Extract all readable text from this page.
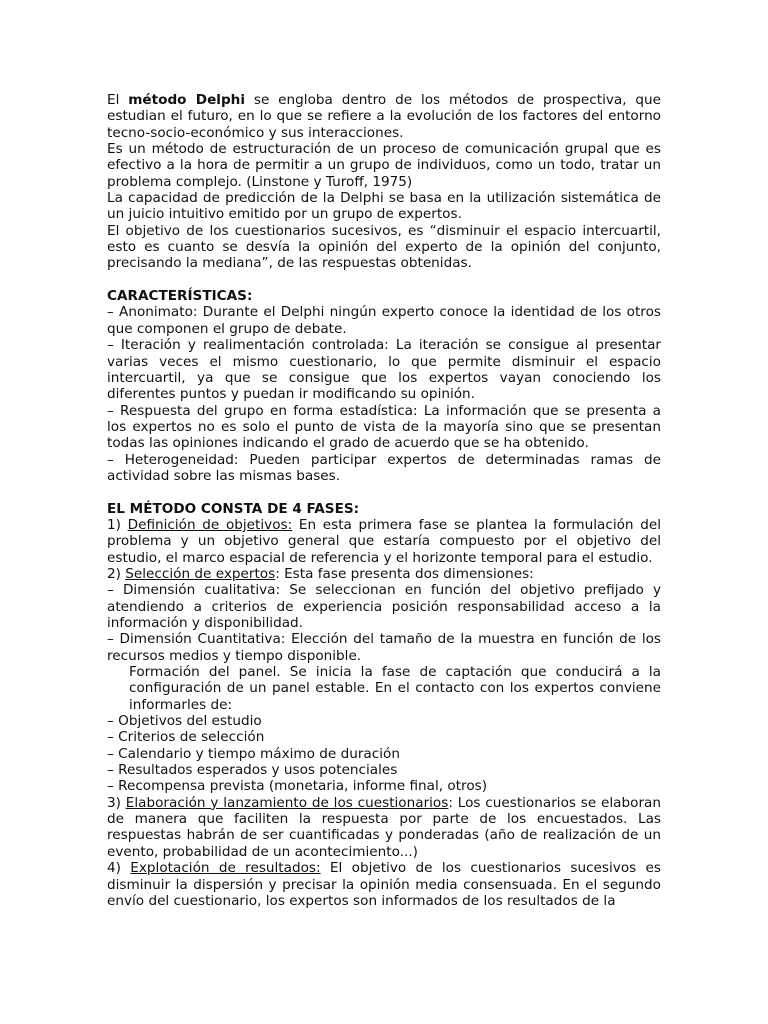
El método Delphi se engloba dentro de los métodos de prospectiva, que estudian el futuro, en lo que se refiere a la evolución de los factores del entorno tecno-socio-económico y sus interacciones.

Es un método de estructuración de un proceso de comunicación grupal que es efectivo a la hora de permitir a un grupo de individuos, como un todo, tratar un problema complejo. (Linstone y Turoff, 1975)

La capacidad de predicción de la Delphi se basa en la utilización sistemática de un juicio intuitivo emitido por un grupo de expertos.

El objetivo de los cuestionarios sucesivos, es “disminuir el espacio intercuartil, esto es cuanto se desvía la opinión del experto de la opinión del conjunto, precisando la mediana”, de las respuestas obtenidas.

CARACTERÍSTICAS:

– Anonimato: Durante el Delphi ningún experto conoce la identidad de los otros que componen el grupo de debate.

– Iteración y realimentación controlada: La iteración se consigue al presentar varias veces el mismo cuestionario, lo que permite disminuir el espacio intercuartil, ya que se consigue que los expertos vayan conociendo los diferentes puntos y puedan ir modificando su opinión.

– Respuesta del grupo en forma estadística: La información que se presenta a los expertos no es solo el punto de vista de la mayoría sino que se presentan todas las opiniones indicando el grado de acuerdo que se ha obtenido.

– Heterogeneidad: Pueden participar expertos de determinadas ramas de actividad sobre las mismas bases.

EL MÉTODO CONSTA DE 4 FASES:

1) Definición de objetivos: En esta primera fase se plantea la formulación del problema y un objetivo general que estaría compuesto por el objetivo del estudio, el marco espacial de referencia y el horizonte temporal para el estudio.

2) Selección de expertos: Esta fase presenta dos dimensiones:

– Dimensión cualitativa: Se seleccionan en función del objetivo prefijado y atendiendo a criterios de experiencia posición responsabilidad acceso a la información y disponibilidad.

– Dimensión Cuantitativa: Elección del tamaño de la muestra en función de los recursos medios y tiempo disponible.

Formación del panel. Se inicia la fase de captación que conducirá a la configuración de un panel estable. En el contacto con los expertos conviene informarles de:

– Objetivos del estudio

– Criterios de selección

– Calendario y tiempo máximo de duración

– Resultados esperados y usos potenciales

– Recompensa prevista (monetaria, informe final, otros)

3) Elaboración y lanzamiento de los cuestionarios: Los cuestionarios se elaboran de manera que faciliten la respuesta por parte de los encuestados. Las respuestas habrán de ser cuantificadas y ponderadas (año de realización de un evento, probabilidad de un acontecimiento...)

4) Explotación de resultados: El objetivo de los cuestionarios sucesivos es disminuir la dispersión y precisar la opinión media consensuada. En el segundo envío del cuestionario, los expertos son informados de los resultados de la
